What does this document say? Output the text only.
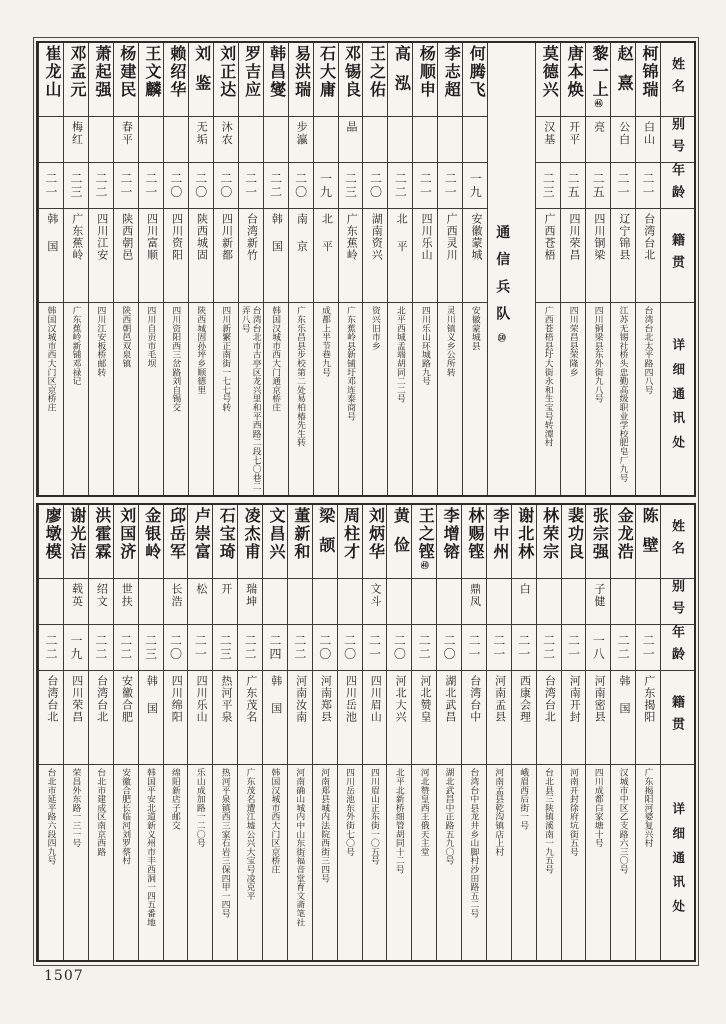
姓名
别号
年龄
籍贯
详细通讯处
柯锦瑞
白山
二一
台湾台北
台湾台北太平路四八号
赵熹
公白
二一
辽宁锦县
江苏无锡社桥头忠勤高级职业学校肥皂厂九号
黎一上㊻
亮
二五
四川铜梁
四川铜梁县东外街九八号
唐本焕
开平
二五
四川荣昌
四川荣昌县荣隆乡
莫德兴
汉基
二三
广西苍梧
广西苍梧县圩大街永和生宝号转潭村
通信兵队㊿
何腾飞
一九
安徽蒙城
安徽蒙城县
李志超
二一
广西灵川
灵川镇义乡公所转
杨顺申
二一
四川乐山
四川乐山环城路九号
高泓
二二
北平
北平西城孟端胡同二二号
王之佑
二〇
湖南资兴
资兴旧市乡
邓锡良
晶
二三
广东蕉岭
广东蕉岭县新铺圩邓连泰商号
石大庸
一九
北平
成都上半节巷九号
易洪瑞
步瀛
二〇
南京
广东乐昌县步校第二处易柏椿先生转
韩昌燮
二二
韩国
韩国汉城市西大门通京桥庄
罗吉应
二一
台湾新竹
台湾台北市古亭区龙兴里和平西路二段七〇巷二弄八号
刘正达
沐农
二〇
四川新都
四川新繁正南街一七七号转
刘鉴
无垢
二〇
陕西城固
陕西城固孙坪乡顺德里
赖绍华
二〇
四川资阳
四川资阳西三岔路刘自锡交
王文麟
二一
四川富顺
四川自贡市毛坝
杨建民
春平
二一
陕西朝邑
陕西朝邑双泉镇
萧起强
二二
四川江安
四川江安板桥邮转
邓孟元
梅红
二三
广东蕉岭
广东蕉岭新铺邓禄记
崔龙山
二一
韩国
韩国汉城市西大门区京桥庄
姓名
别号
年龄
籍贯
详细通讯处
陈壁
二一
广东揭阳
广东揭阳河婆复兴村
金龙浩
二二
韩国
汉城市中区乙支路六三〇号
张宗强
子健
一八
河南密县
四川成都白家塘十号
裴功良
二一
河南开封
河南开封徐府坑街五号
林荣宗
二二
台湾台北
台北县三陕镇溪南一九五号
谢北林
白
二一
西康会理
峨眉西后街一号
李中州
二一
河南孟县
河南孟县乾沟镇店上村
林赐铿
鼎凤
二一
台湾台中
台湾台中县龙井乡山脚村沙田路五二号
李增镕
二〇
湖北武昌
湖北武昌中正路五九〇号
王之铿㊵
二二
河北赞皇
河北赞皇西王俄天主堂
黄俭
二〇
河北大兴
北平北新桥细管胡同十二号
刘炳华
文斗
二一
四川眉山
四川眉山正东街一〇五号
周柱才
二〇
四川岳池
四川岳池东外街七〇号
梁颉
二〇
河南郑县
河南郑县城内法院西街三四号
董新和
二二
河南汝南
河南确山城内中山东街福音堂育文斋笔社
文昌兴
二四
韩国
韩国汉城市西大门区京桥庄
凌杰甫
瑞坤
二二
广东茂名
广东茂名遭江墟公兴大宝号凌克平
石宝琦
开
二三
热河平泉
热河平泉镇西三家石岩三保四甲一四号
卢崇富
松
二一
四川乐山
乐山成加路一二〇号
邱岳军
长浩
二〇
四川绵阳
绵阳新店子邮交
金银岭
二三
韩国
韩国平安北道新义州市丰西洞一四五番地
刘国济
世扶
二二
安徽合肥
安徽合肥长临河刘罗蔡村
洪霍霖
绍文
二二
台湾台北
台北市建成区南京西路
谢光洁
载英
一九
四川荣昌
荣昌外东路一三一号
廖墩模
二二
台湾台北
台北市延平路六段四九号
1507
